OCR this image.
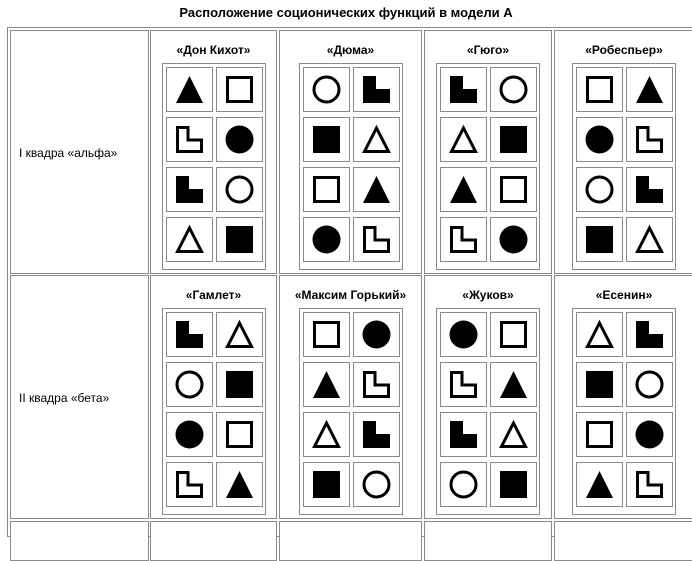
Расположение соционических функций в модели А
I квадра «альфа»
«Дон Кихот»	«Дюма»	«Гюго»	«Робеспьер»
II квадра «бета»
«Гамлет»	«Максим Горький»	«Жуков»	«Есенин»
